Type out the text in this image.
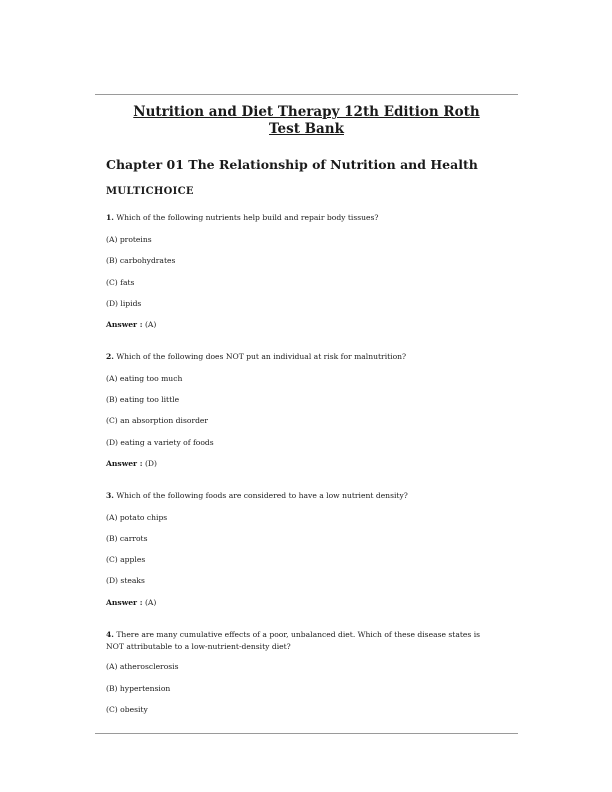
Nutrition and Diet Therapy 12th Edition Roth
Test Bank
Chapter 01 The Relationship of Nutrition and Health
MULTICHOICE
1. Which of the following nutrients help build and repair body tissues?
(A) proteins
(B) carbohydrates
(C) fats
(D) lipids
Answer : (A)
2. Which of the following does NOT put an individual at risk for malnutrition?
(A) eating too much
(B) eating too little
(C) an absorption disorder
(D) eating a variety of foods
Answer : (D)
3. Which of the following foods are considered to have a low nutrient density?
(A) potato chips
(B) carrots
(C) apples
(D) steaks
Answer : (A)
4. There are many cumulative effects of a poor, unbalanced diet. Which of these disease states is
NOT attributable to a low-nutrient-density diet?
(A) atherosclerosis
(B) hypertension
(C) obesity
